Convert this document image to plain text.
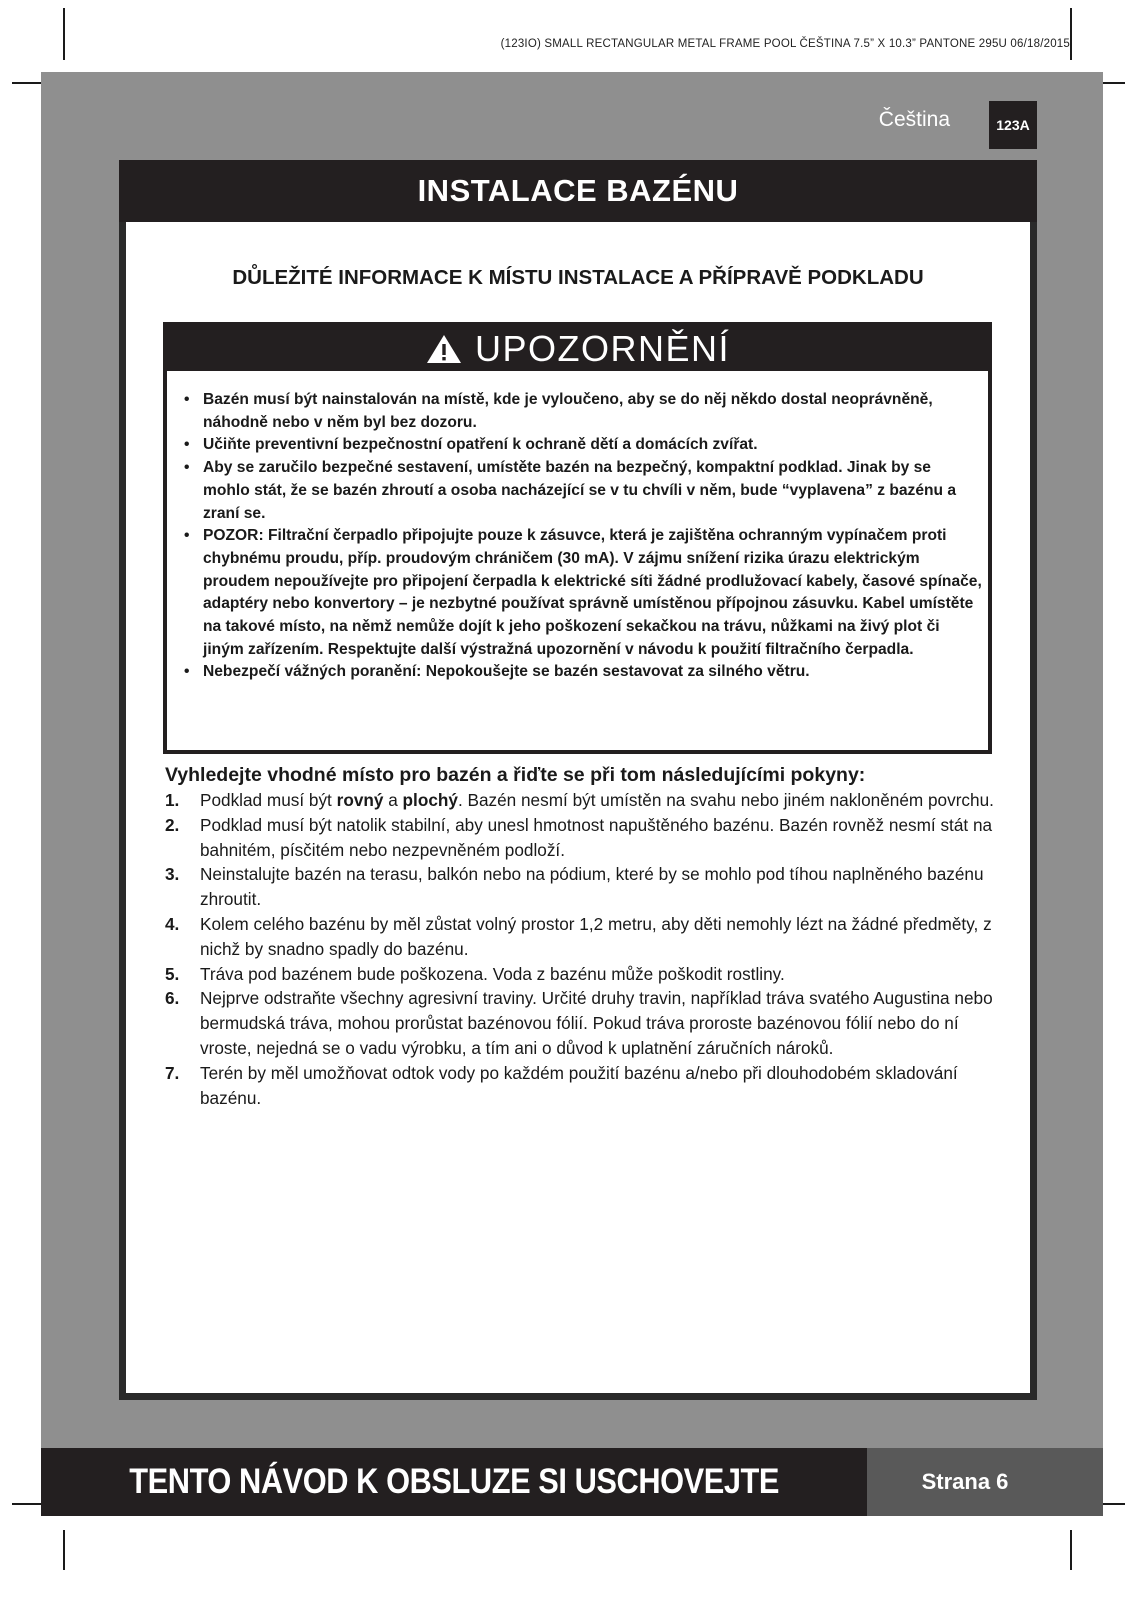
(123IO) SMALL RECTANGULAR METAL FRAME POOL ČEŠTINA 7.5” X 10.3” PANTONE 295U 06/18/2015
Čeština	123A
INSTALACE BAZÉNU
DŮLEŽITÉ INFORMACE K MÍSTU INSTALACE A PŘÍPRAVĚ PODKLADU
UPOZORNĚNÍ
• Bazén musí být nainstalován na místě, kde je vyloučeno, aby se do něj někdo dostal neoprávněně, náhodně nebo v něm byl bez dozoru.
• Učiňte preventivní bezpečnostní opatření k ochraně dětí a domácích zvířat.
• Aby se zaručilo bezpečné sestavení, umístěte bazén na bezpečný, kompaktní podklad. Jinak by se mohlo stát, že se bazén zhroutí a osoba nacházející se v tu chvíli v něm, bude “vyplavena” z bazénu a zraní se.
• POZOR: Filtrační čerpadlo připojujte pouze k zásuvce, která je zajištěna ochranným vypínačem proti chybnému proudu, příp. proudovým chráničem (30 mA). V zájmu snížení rizika úrazu elektrickým proudem nepoužívejte pro připojení čerpadla k elektrické síti žádné prodlužovací kabely, časové spínače, adaptéry nebo konvertory – je nezbytné používat správně umístěnou přípojnou zásuvku. Kabel umístěte na takové místo, na němž nemůže dojít k jeho poškození sekačkou na trávu, nůžkami na živý plot či jiným zařízením. Respektujte další výstražná upozornění v návodu k použití filtračního čerpadla.
• Nebezpečí vážných poranění: Nepokoušejte se bazén sestavovat za silného větru.
Vyhledejte vhodné místo pro bazén a řiďte se při tom následujícími pokyny:
1. Podklad musí být rovný a plochý. Bazén nesmí být umístěn na svahu nebo jiném nakloněném povrchu.
2. Podklad musí být natolik stabilní, aby unesl hmotnost napuštěného bazénu. Bazén rovněž nesmí stát na bahnitém, písčitém nebo nezpevněném podloží.
3. Neinstalujte bazén na terasu, balkón nebo na pódium, které by se mohlo pod tíhou naplněného bazénu zhroutit.
4. Kolem celého bazénu by měl zůstat volný prostor 1,2 metru, aby děti nemohly lézt na žádné předměty, z nichž by snadno spadly do bazénu.
5. Tráva pod bazénem bude poškozena. Voda z bazénu může poškodit rostliny.
6. Nejprve odstraňte všechny agresivní traviny. Určité druhy travin, například tráva svatého Augustina nebo bermudská tráva, mohou prorůstat bazénovou fólií. Pokud tráva proroste bazénovou fólií nebo do ní vroste, nejedná se o vadu výrobku, a tím ani o důvod k uplatnění záručních nároků.
7. Terén by měl umožňovat odtok vody po každém použití bazénu a/nebo při dlouhodobém skladování bazénu.
TENTO NÁVOD K OBSLUZE SI USCHOVEJTE	Strana 6
